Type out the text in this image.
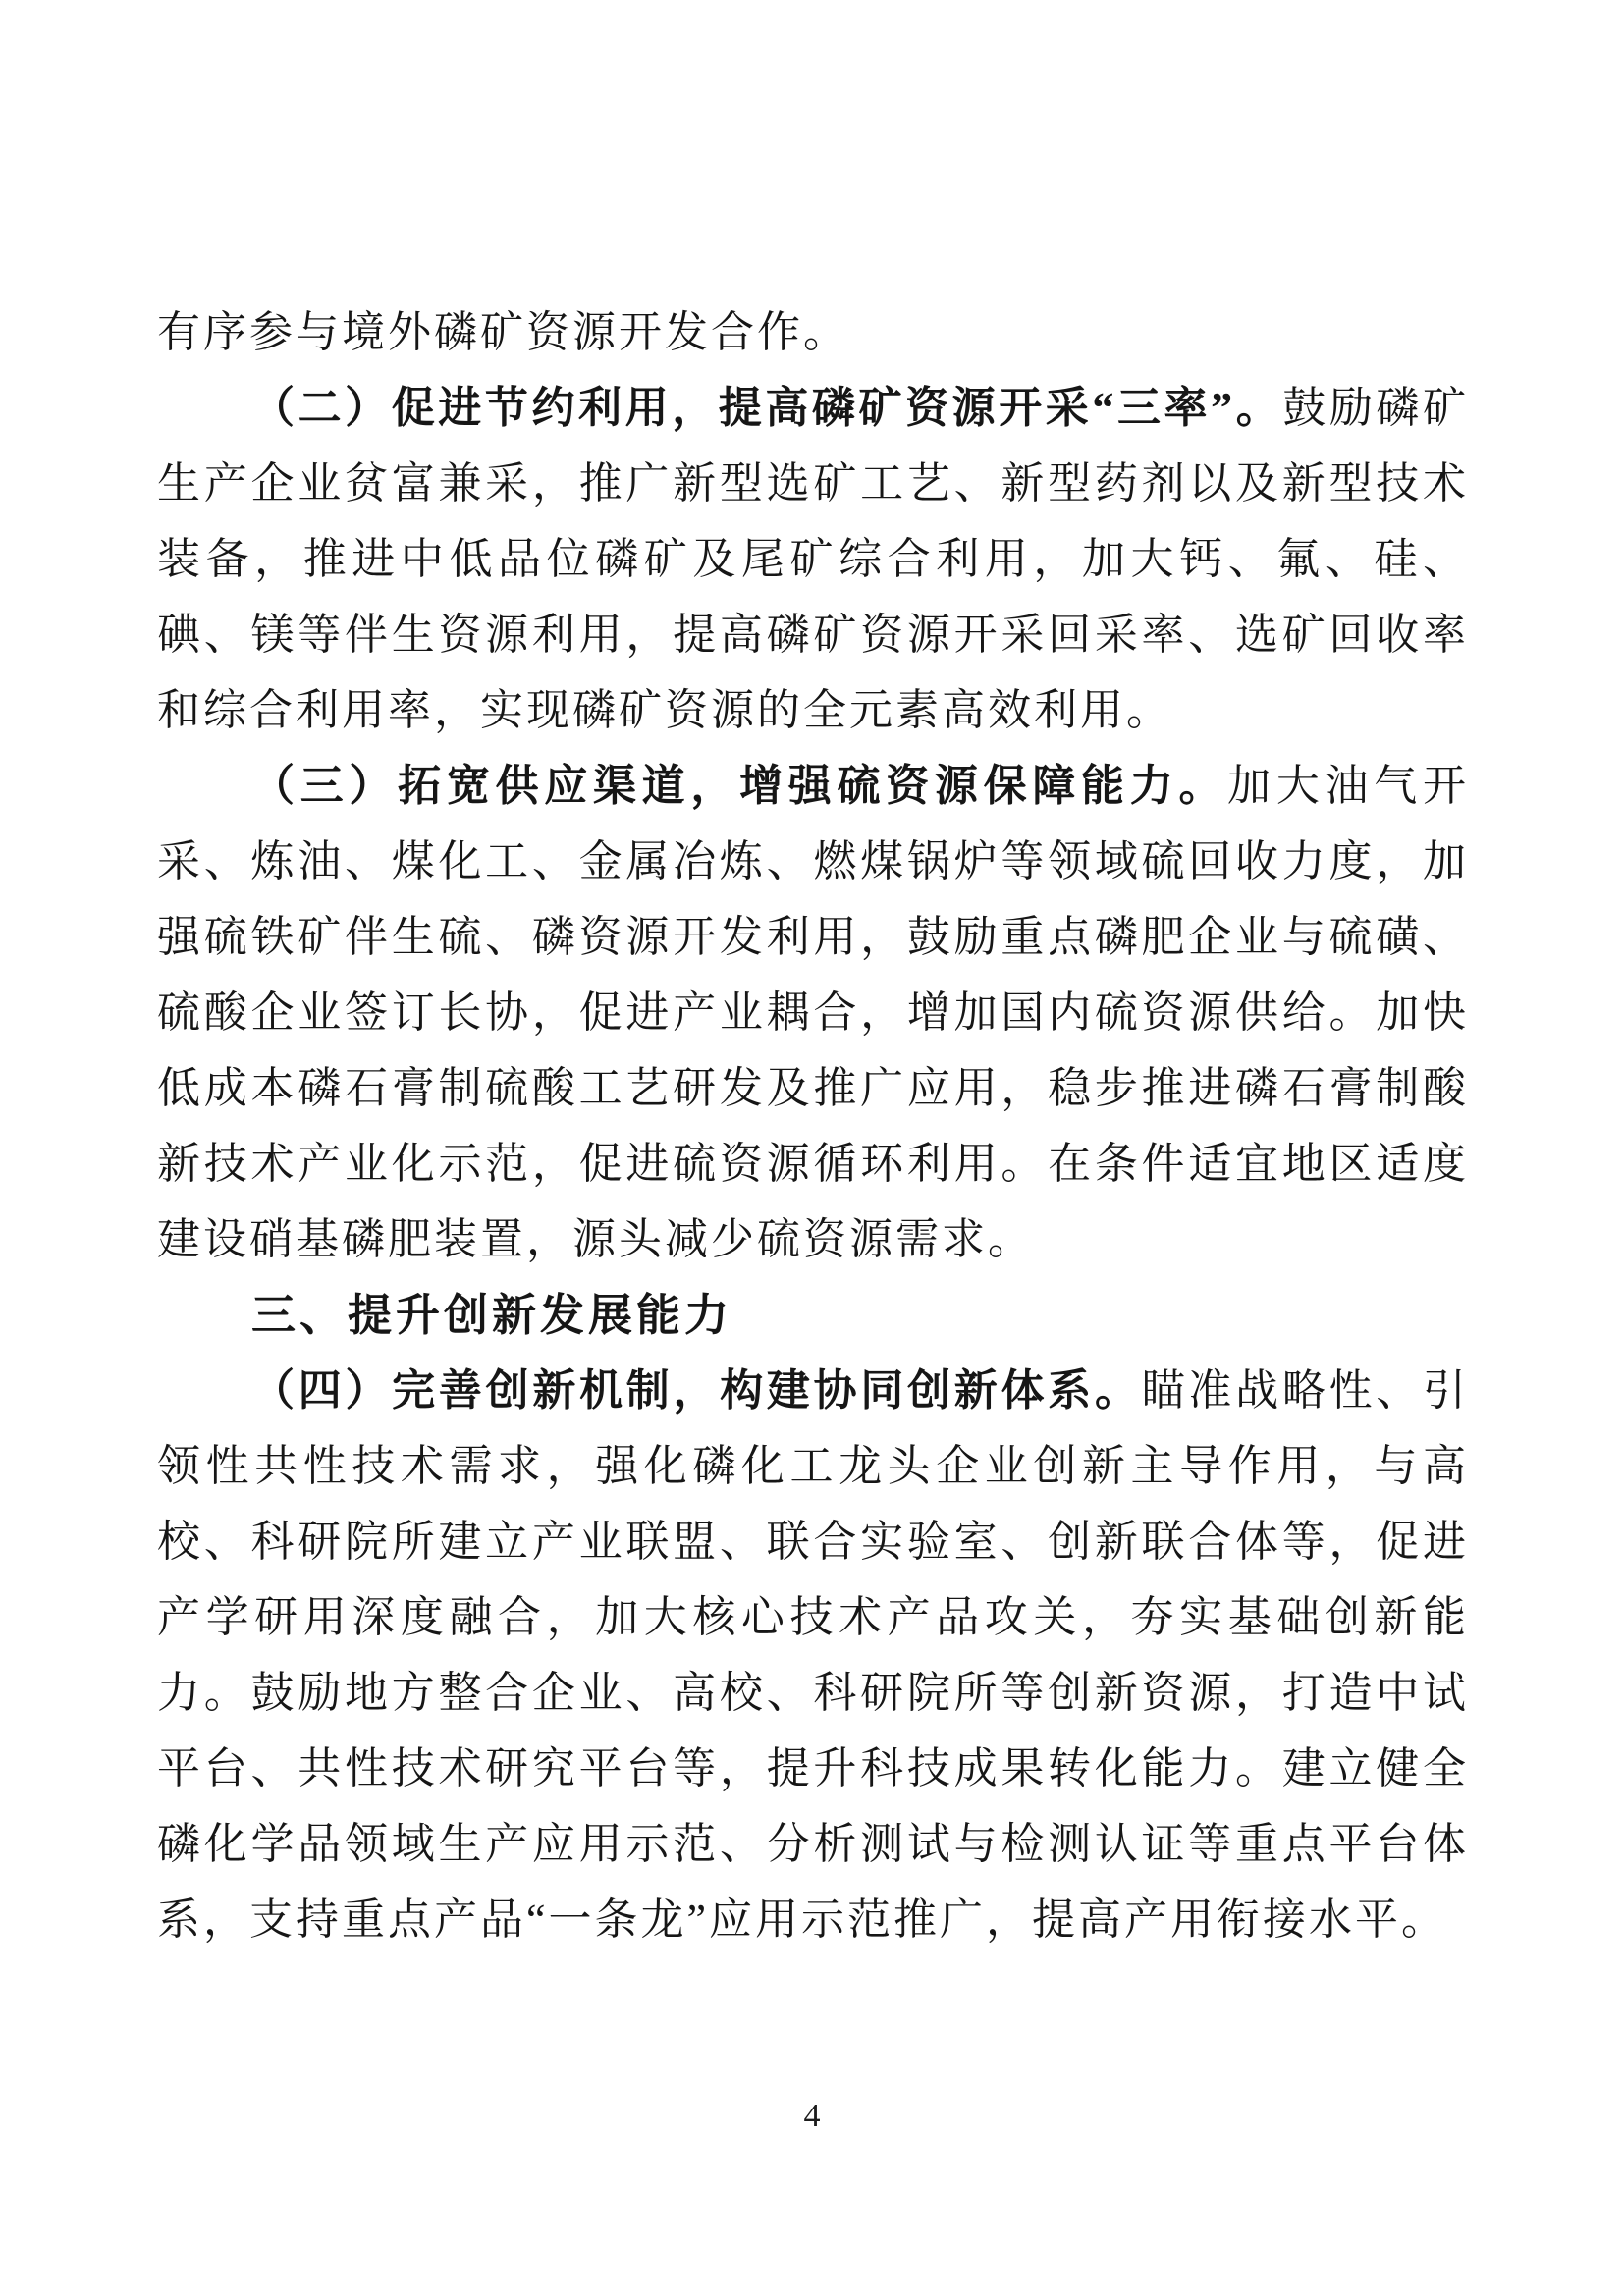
有序参与境外磷矿资源开发合作。

（二）促进节约利用，提高磷矿资源开采“三率”。鼓励磷矿生产企业贫富兼采，推广新型选矿工艺、新型药剂以及新型技术装备，推进中低品位磷矿及尾矿综合利用，加大钙、氟、硅、碘、镁等伴生资源利用，提高磷矿资源开采回采率、选矿回收率和综合利用率，实现磷矿资源的全元素高效利用。

（三）拓宽供应渠道，增强硫资源保障能力。加大油气开采、炼油、煤化工、金属冶炼、燃煤锅炉等领域硫回收力度，加强硫铁矿伴生硫、磷资源开发利用，鼓励重点磷肥企业与硫磺、硫酸企业签订长协，促进产业耦合，增加国内硫资源供给。加快低成本磷石膏制硫酸工艺研发及推广应用，稳步推进磷石膏制酸新技术产业化示范，促进硫资源循环利用。在条件适宜地区适度建设硝基磷肥装置，源头减少硫资源需求。

三、提升创新发展能力

（四）完善创新机制，构建协同创新体系。瞄准战略性、引领性共性技术需求，强化磷化工龙头企业创新主导作用，与高校、科研院所建立产业联盟、联合实验室、创新联合体等，促进产学研用深度融合，加大核心技术产品攻关，夯实基础创新能力。鼓励地方整合企业、高校、科研院所等创新资源，打造中试平台、共性技术研究平台等，提升科技成果转化能力。建立健全磷化学品领域生产应用示范、分析测试与检测认证等重点平台体系，支持重点产品“一条龙”应用示范推广，提高产用衔接水平。

4
